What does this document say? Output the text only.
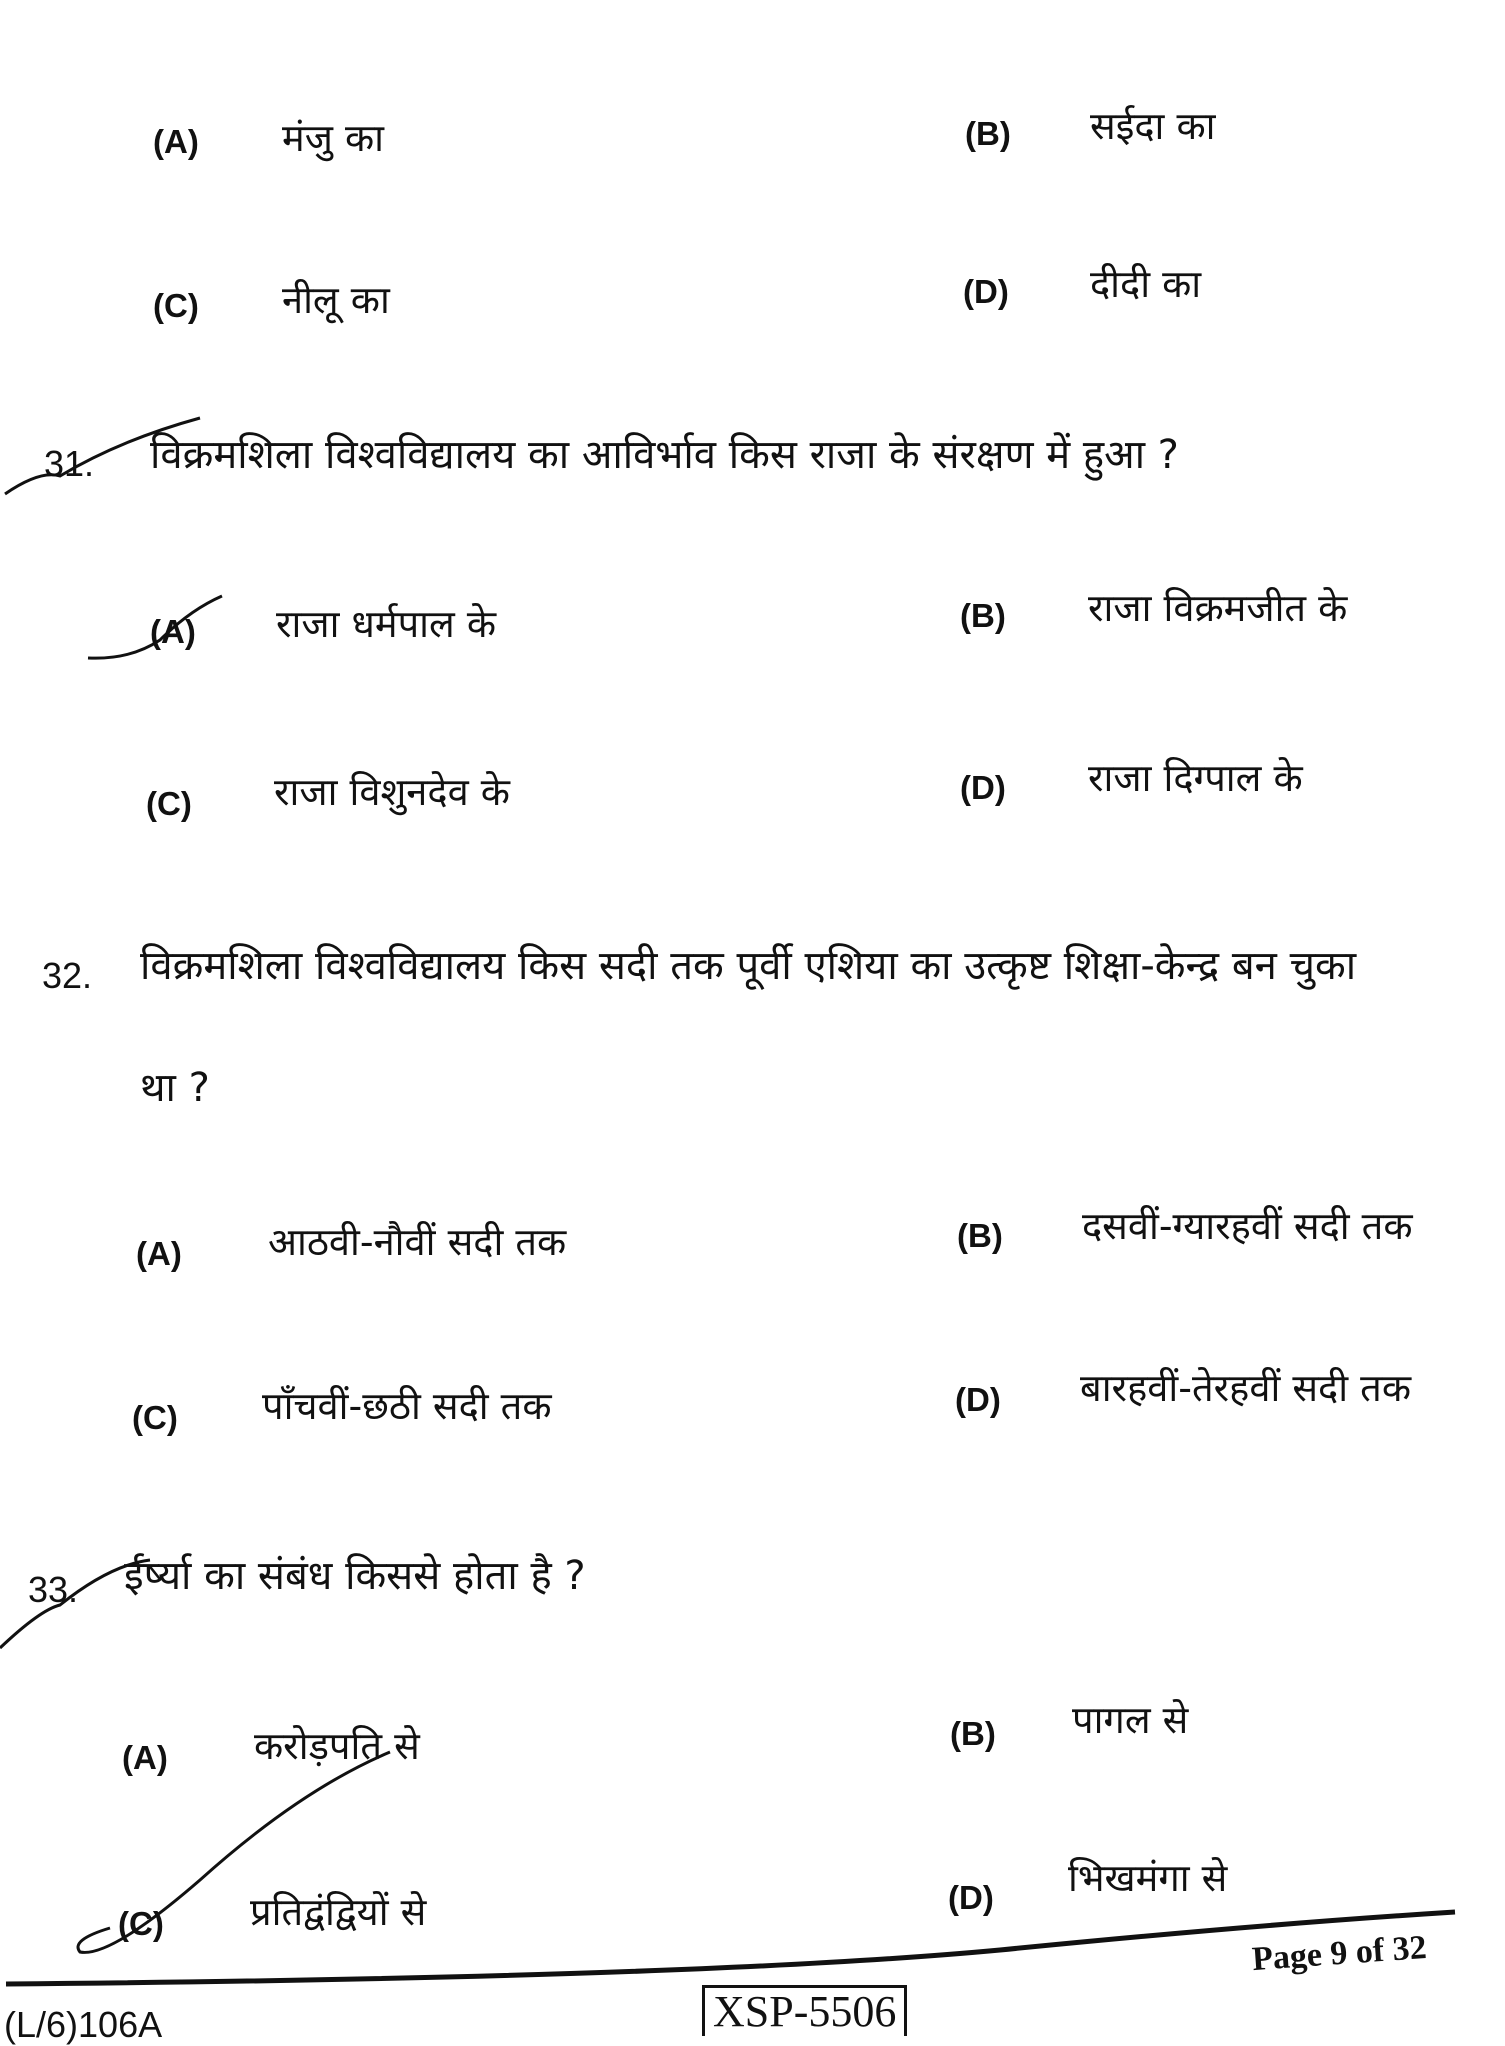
(A) मंजु का	(B) सईदा का
(C) नीलू का	(D) दीदी का
31. विक्रमशिला विश्वविद्यालय का आविर्भाव किस राजा के संरक्षण में हुआ ?
(A) राजा धर्मपाल के	(B) राजा विक्रमजीत के
(C) राजा विशुनदेव के	(D) राजा दिग्पाल के
32. विक्रमशिला विश्वविद्यालय किस सदी तक पूर्वी एशिया का उत्कृष्ट शिक्षा-केन्द्र बन चुका
था ?
(A) आठवी-नौवीं सदी तक	(B) दसवीं-ग्यारहवीं सदी तक
(C) पाँचवीं-छठी सदी तक	(D) बारहवीं-तेरहवीं सदी तक
33. ईर्ष्या का संबंध किससे होता है ?
(A) करोड़पति से	(B) पागल से
(C) प्रतिद्वंद्वियों से	(D) भिखमंगा से
Page 9 of 32
(L/6)106A	XSP-5506
